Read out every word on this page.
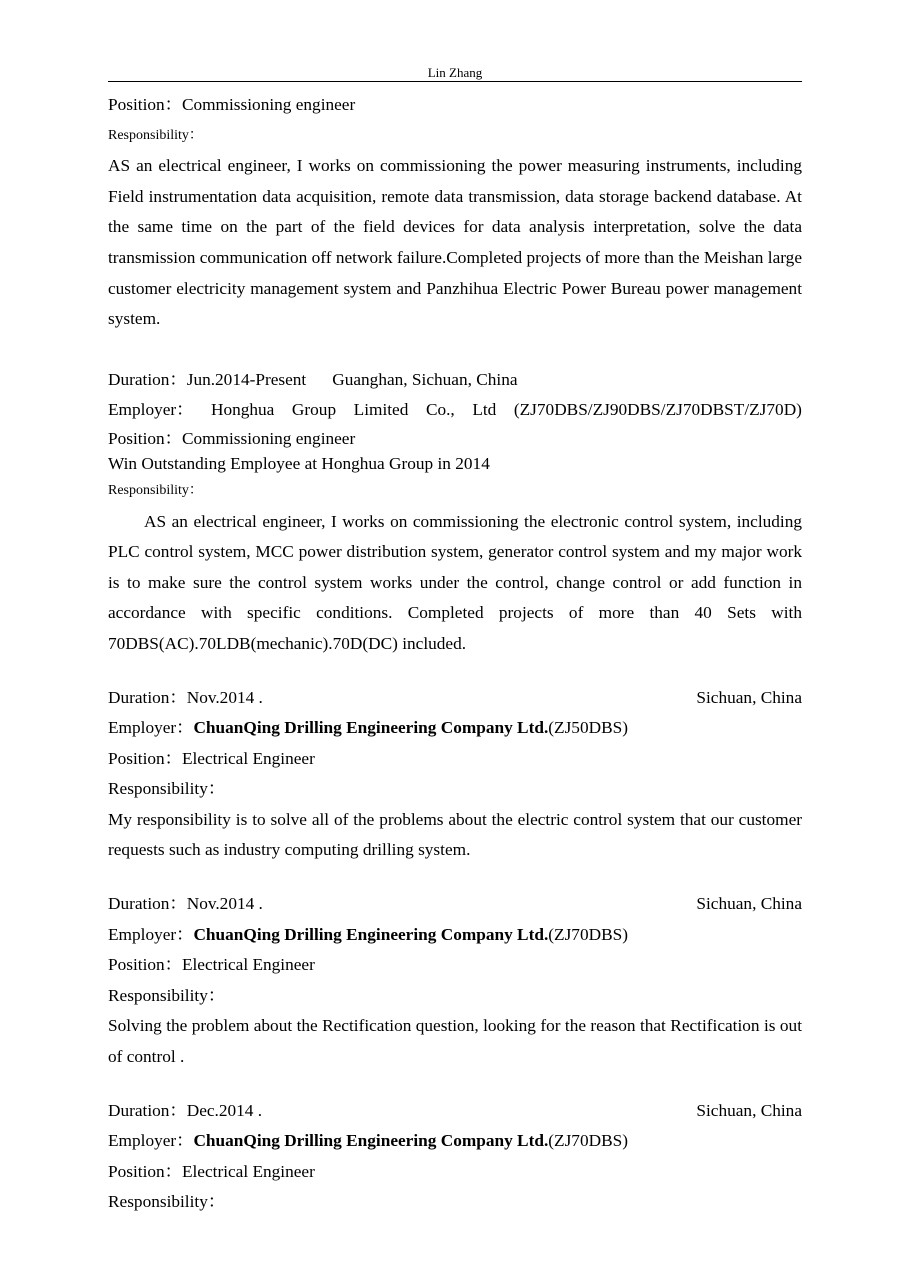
Lin Zhang
Position：Commissioning engineer
Responsibility：
AS an electrical engineer, I works on commissioning the power measuring instruments, including Field instrumentation data acquisition, remote data transmission, data storage backend database. At the same time on the part of the field devices for data analysis interpretation, solve the data transmission communication off network failure.Completed projects of more than the Meishan large customer electricity management system and Panzhihua Electric Power Bureau power management system.
Duration：Jun.2014-Present Guanghan, Sichuan, China
Employer： Honghua Group Limited Co., Ltd (ZJ70DBS/ZJ90DBS/ZJ70DBST/ZJ70D)
Position：Commissioning engineer
Win Outstanding Employee at Honghua Group in 2014
Responsibility：
AS an electrical engineer, I works on commissioning the electronic control system, including PLC control system, MCC power distribution system, generator control system and my major work is to make sure the control system works under the control, change control or add function in accordance with specific conditions. Completed projects of more than 40 Sets with 70DBS(AC).70LDB(mechanic).70D(DC) included.
Duration：Nov.2014 .	Sichuan, China
Employer：ChuanQing Drilling Engineering Company Ltd.(ZJ50DBS)
Position：Electrical Engineer
Responsibility：
My responsibility is to solve all of the problems about the electric control system that our customer requests such as industry computing drilling system.
Duration：Nov.2014 .	Sichuan, China
Employer：ChuanQing Drilling Engineering Company Ltd.(ZJ70DBS)
Position：Electrical Engineer
Responsibility：
Solving the problem about the Rectification question, looking for the reason that Rectification is out of control .
Duration：Dec.2014 .	Sichuan, China
Employer：ChuanQing Drilling Engineering Company Ltd.(ZJ70DBS)
Position：Electrical Engineer
Responsibility：
